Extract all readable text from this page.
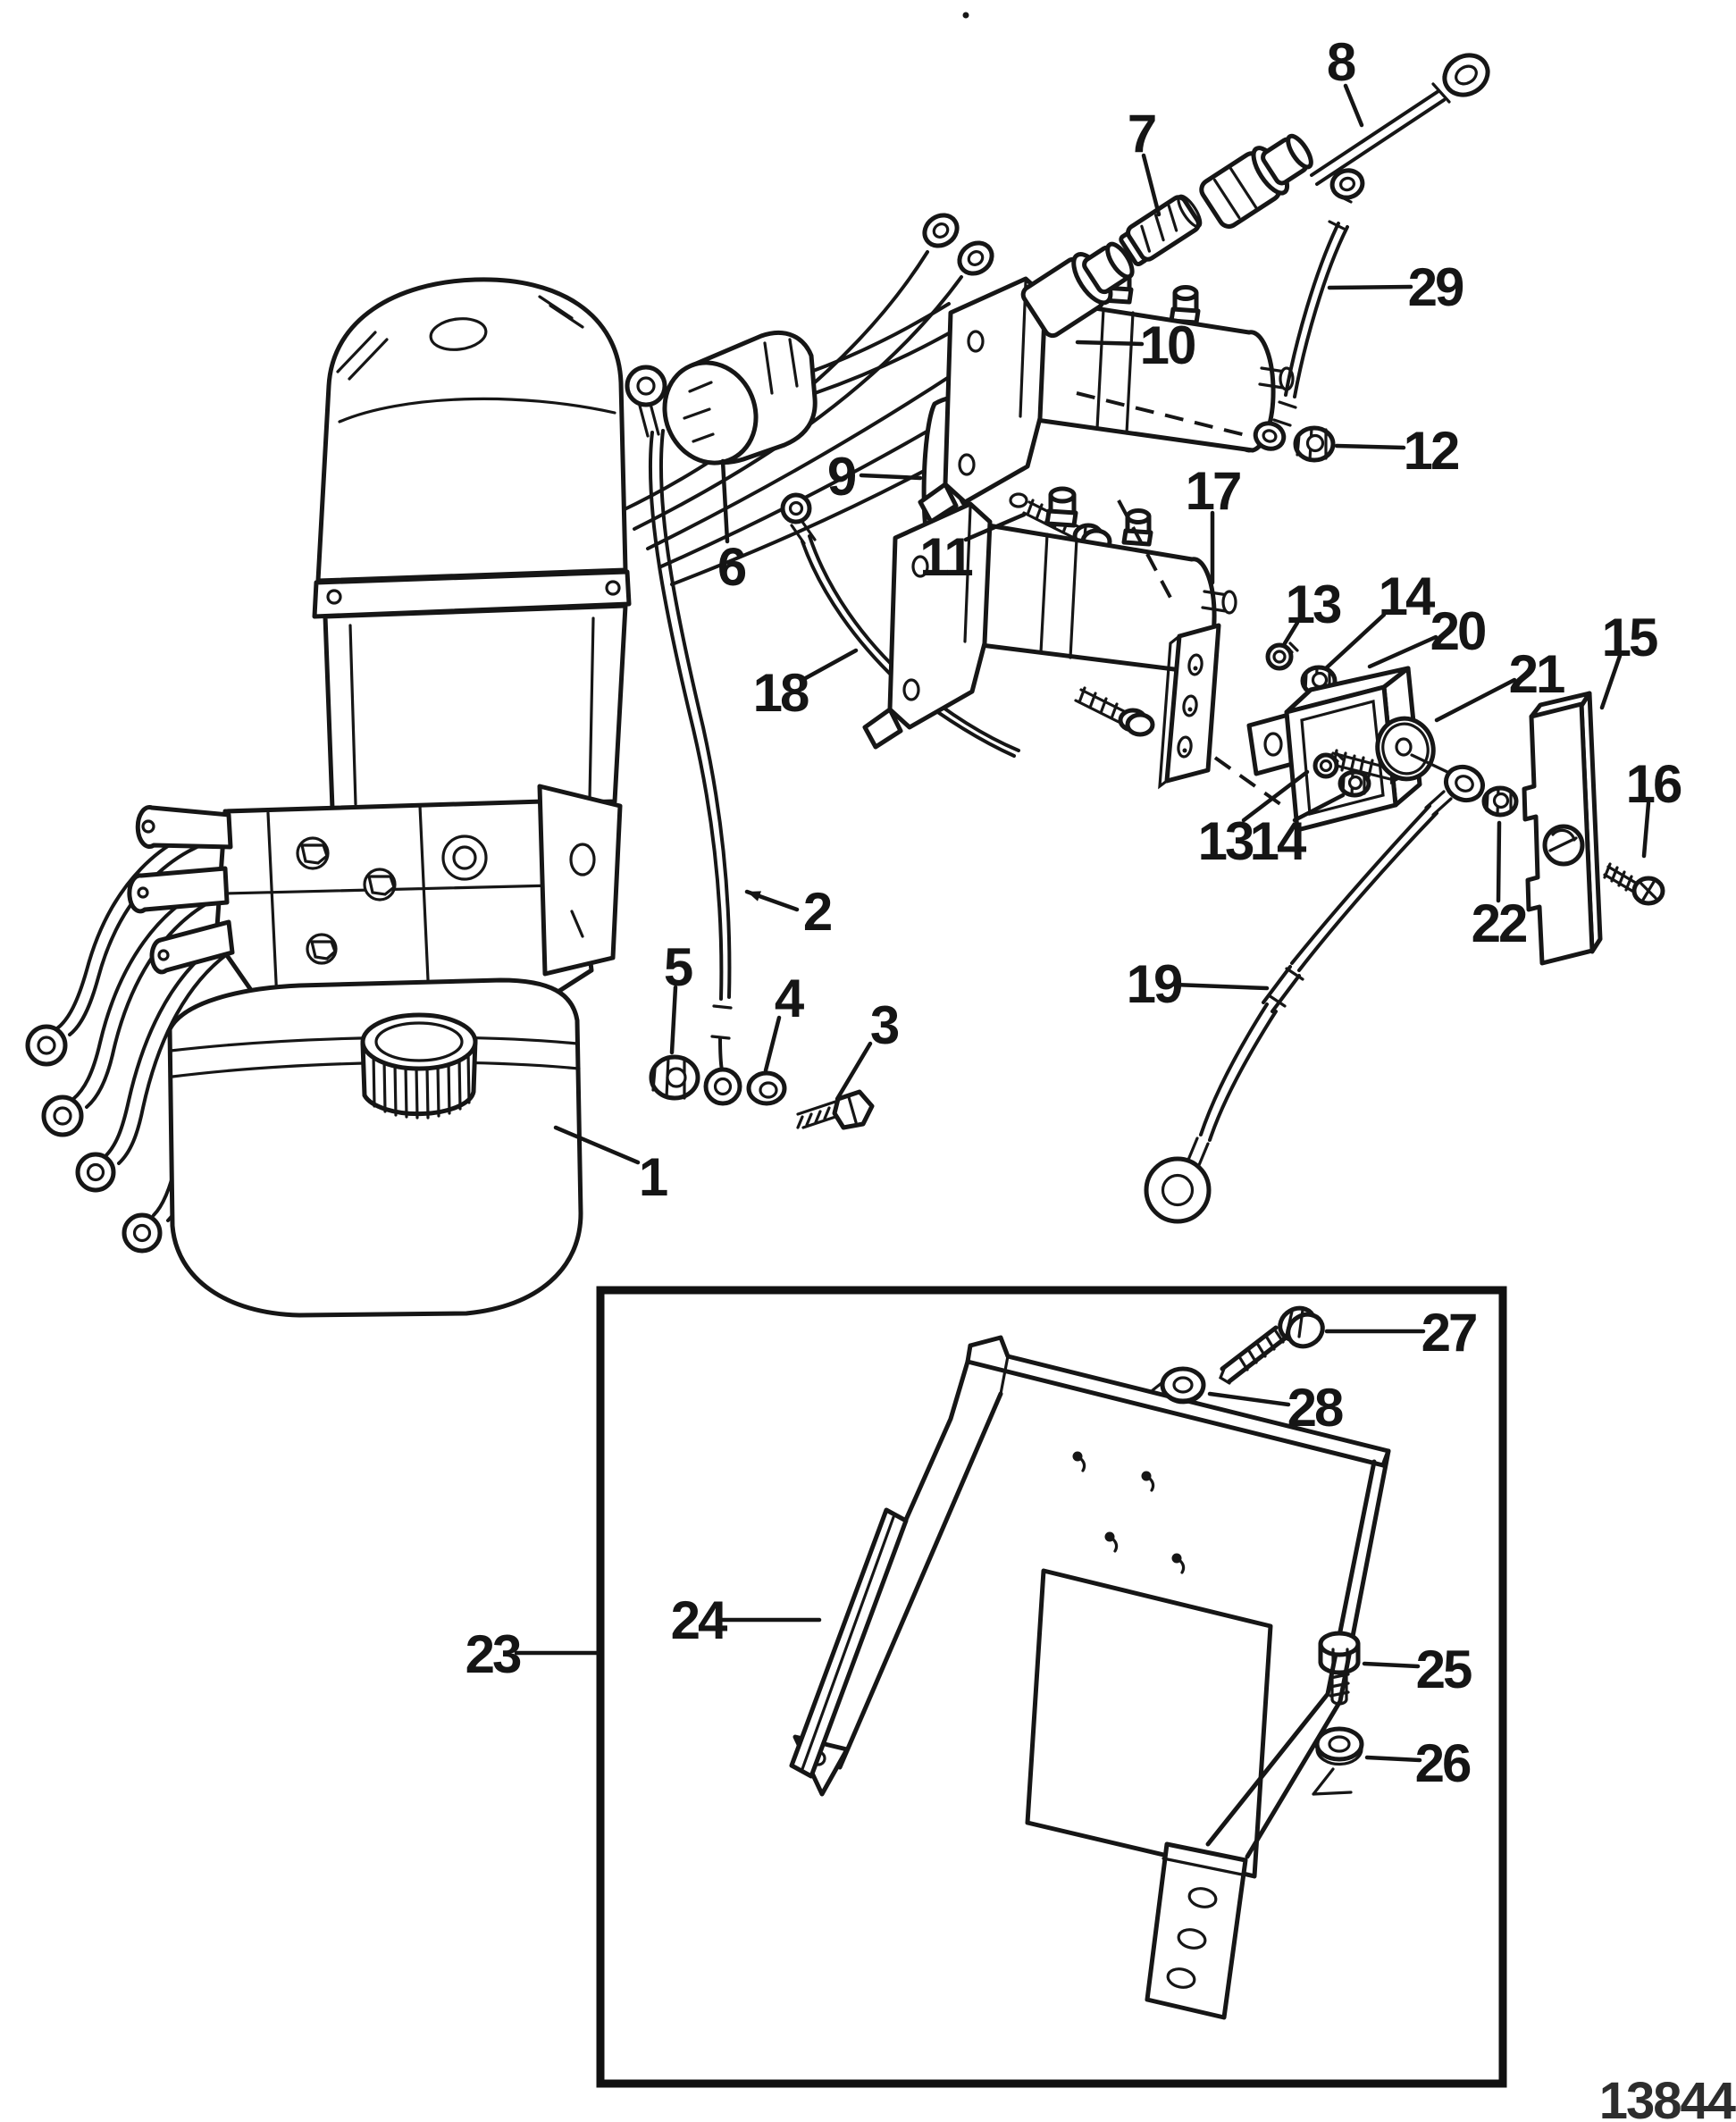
1
2
3
4
5
6
7
8
9
10
11
12
13 14
15
16
17
18
19
20
21
22
13
14
23
24
25
26
27
28
29
13844
